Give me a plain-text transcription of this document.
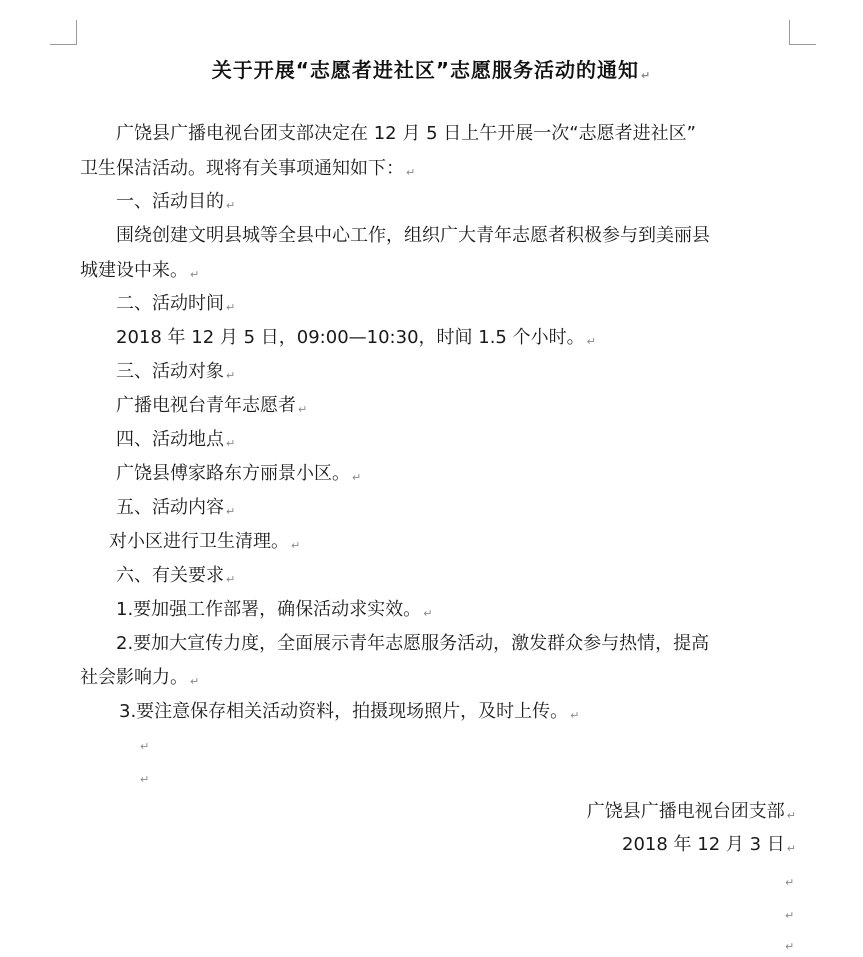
关于开展“志愿者进社区”志愿服务活动的通知 ↵
广饶县广播电视台团支部决定在 12 月 5 日上午开展一次“志愿者进社区”
卫生保洁活动。现将有关事项通知如下： ↵
一、活动目的 ↵
围绕创建文明县城等全县中心工作，组织广大青年志愿者积极参与到美丽县
城建设中来。 ↵
二、活动时间 ↵
2018 年 12 月 5 日，09:00—10:30，时间 1.5 个小时。 ↵
三、活动对象 ↵
广播电视台青年志愿者 ↵
四、活动地点 ↵
广饶县傅家路东方丽景小区。 ↵
五、活动内容 ↵
对小区进行卫生清理。 ↵
六、有关要求 ↵
1.要加强工作部署，确保活动求实效。 ↵
2.要加大宣传力度，全面展示青年志愿服务活动，激发群众参与热情，提高
社会影响力。 ↵
3.要注意保存相关活动资料，拍摄现场照片，及时上传。 ↵
↵
↵
广饶县广播电视台团支部 ↵
2018 年 12 月 3 日 ↵
↵
↵
↵
